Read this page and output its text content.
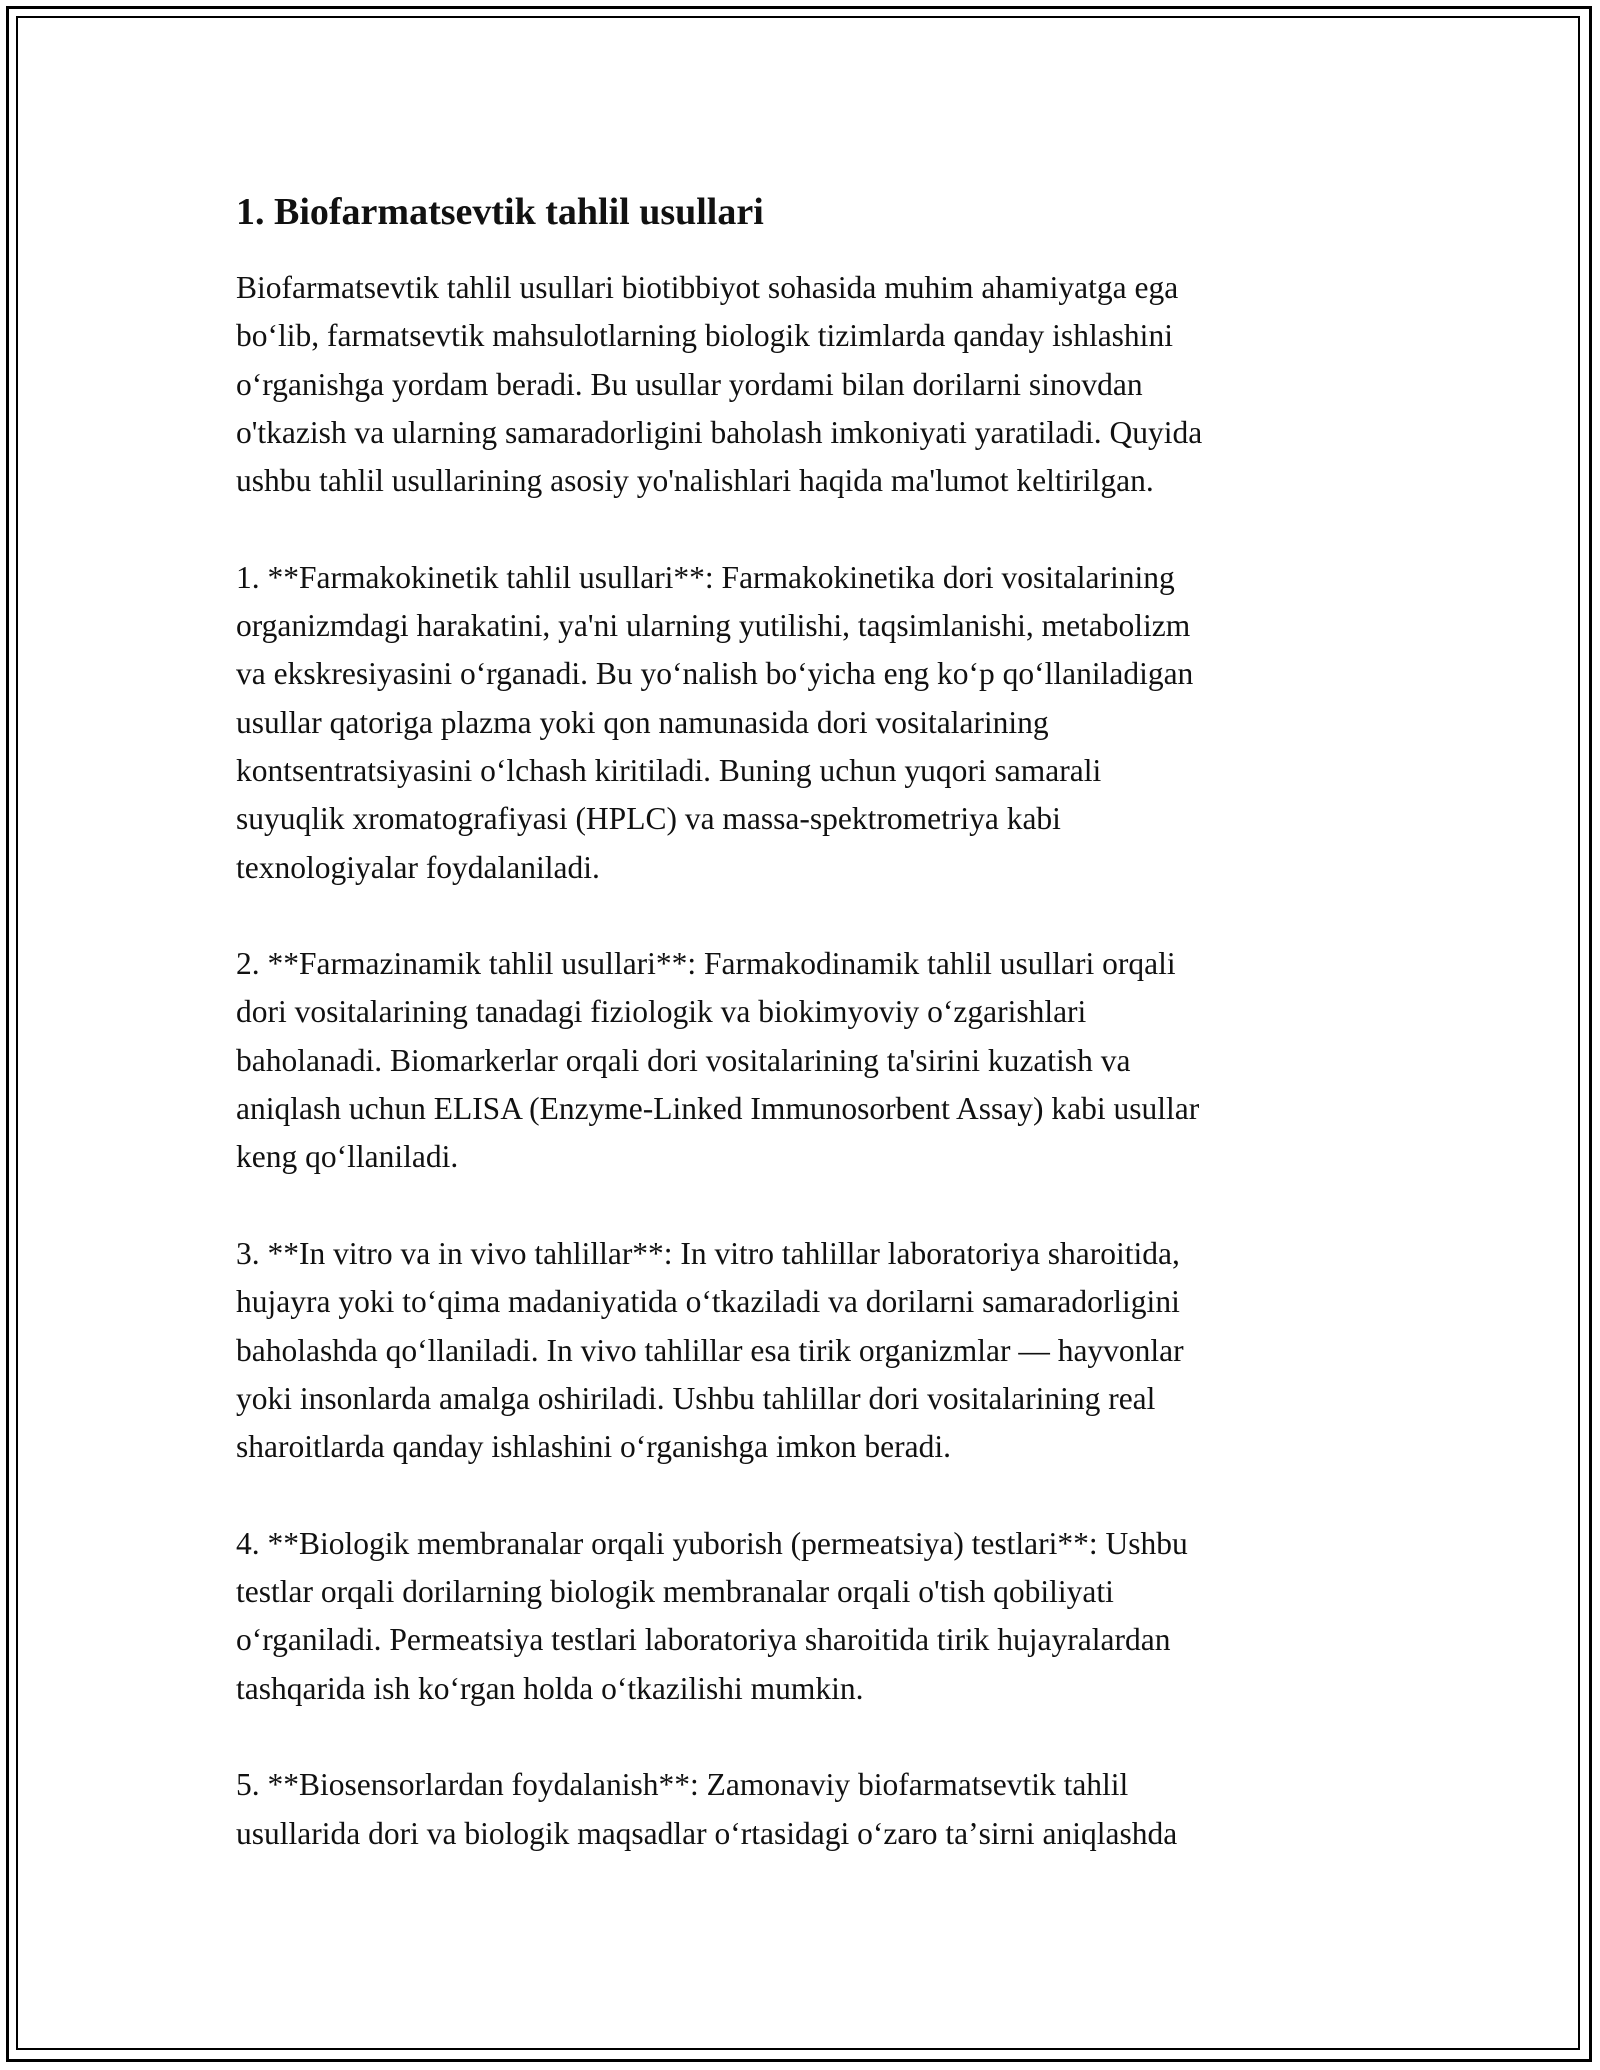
1. Biofarmatsevtik tahlil usullari

Biofarmatsevtik tahlil usullari biotibbiyot sohasida muhim ahamiyatga ega
boʻlib, farmatsevtik mahsulotlarning biologik tizimlarda qanday ishlashini
oʻrganishga yordam beradi. Bu usullar yordami bilan dorilarni sinovdan
o'tkazish va ularning samaradorligini baholash imkoniyati yaratiladi. Quyida
ushbu tahlil usullarining asosiy yo'nalishlari haqida ma'lumot keltirilgan.

1. **Farmakokinetik tahlil usullari**: Farmakokinetika dori vositalarining
organizmdagi harakatini, ya'ni ularning yutilishi, taqsimlanishi, metabolizm
va ekskresiyasini oʻrganadi. Bu yoʻnalish boʻyicha eng koʻp qoʻllaniladigan
usullar qatoriga plazma yoki qon namunasida dori vositalarining
kontsentratsiyasini oʻlchash kiritiladi. Buning uchun yuqori samarali
suyuqlik xromatografiyasi (HPLC) va massa-spektrometriya kabi
texnologiyalar foydalaniladi.

2. **Farmazinamik tahlil usullari**: Farmakodinamik tahlil usullari orqali
dori vositalarining tanadagi fiziologik va biokimyoviy oʻzgarishlari
baholanadi. Biomarkerlar orqali dori vositalarining ta'sirini kuzatish va
aniqlash uchun ELISA (Enzyme-Linked Immunosorbent Assay) kabi usullar
keng qoʻllaniladi.

3. **In vitro va in vivo tahlillar**: In vitro tahlillar laboratoriya sharoitida,
hujayra yoki toʻqima madaniyatida oʻtkaziladi va dorilarni samaradorligini
baholashda qoʻllaniladi. In vivo tahlillar esa tirik organizmlar — hayvonlar
yoki insonlarda amalga oshiriladi. Ushbu tahlillar dori vositalarining real
sharoitlarda qanday ishlashini oʻrganishga imkon beradi.

4. **Biologik membranalar orqali yuborish (permeatsiya) testlari**: Ushbu
testlar orqali dorilarning biologik membranalar orqali o'tish qobiliyati
oʻrganiladi. Permeatsiya testlari laboratoriya sharoitida tirik hujayralardan
tashqarida ish koʻrgan holda oʻtkazilishi mumkin.

5. **Biosensorlardan foydalanish**: Zamonaviy biofarmatsevtik tahlil
usullarida dori va biologik maqsadlar oʻrtasidagi oʻzaro taʼsirni aniqlashda
